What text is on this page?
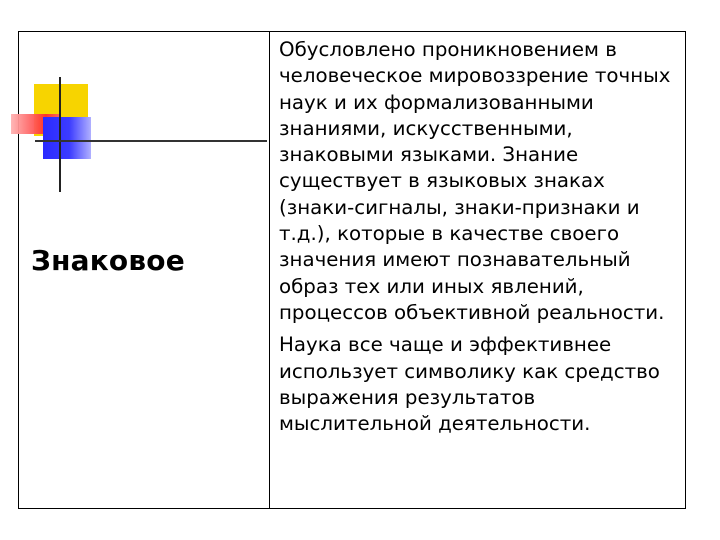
Знаковое

Обусловлено проникновением в человеческое мировоззрение точных наук и их формализованными знаниями, искусственными, знаковыми языками. Знание существует в языковых знаках (знаки-сигналы, знаки-признаки и т.д.), которые в качестве своего значения имеют познавательный образ тех или иных явлений, процессов объективной реальности.

Наука все чаще и эффективнее использует символику как средство выражения результатов мыслительной деятельности.
